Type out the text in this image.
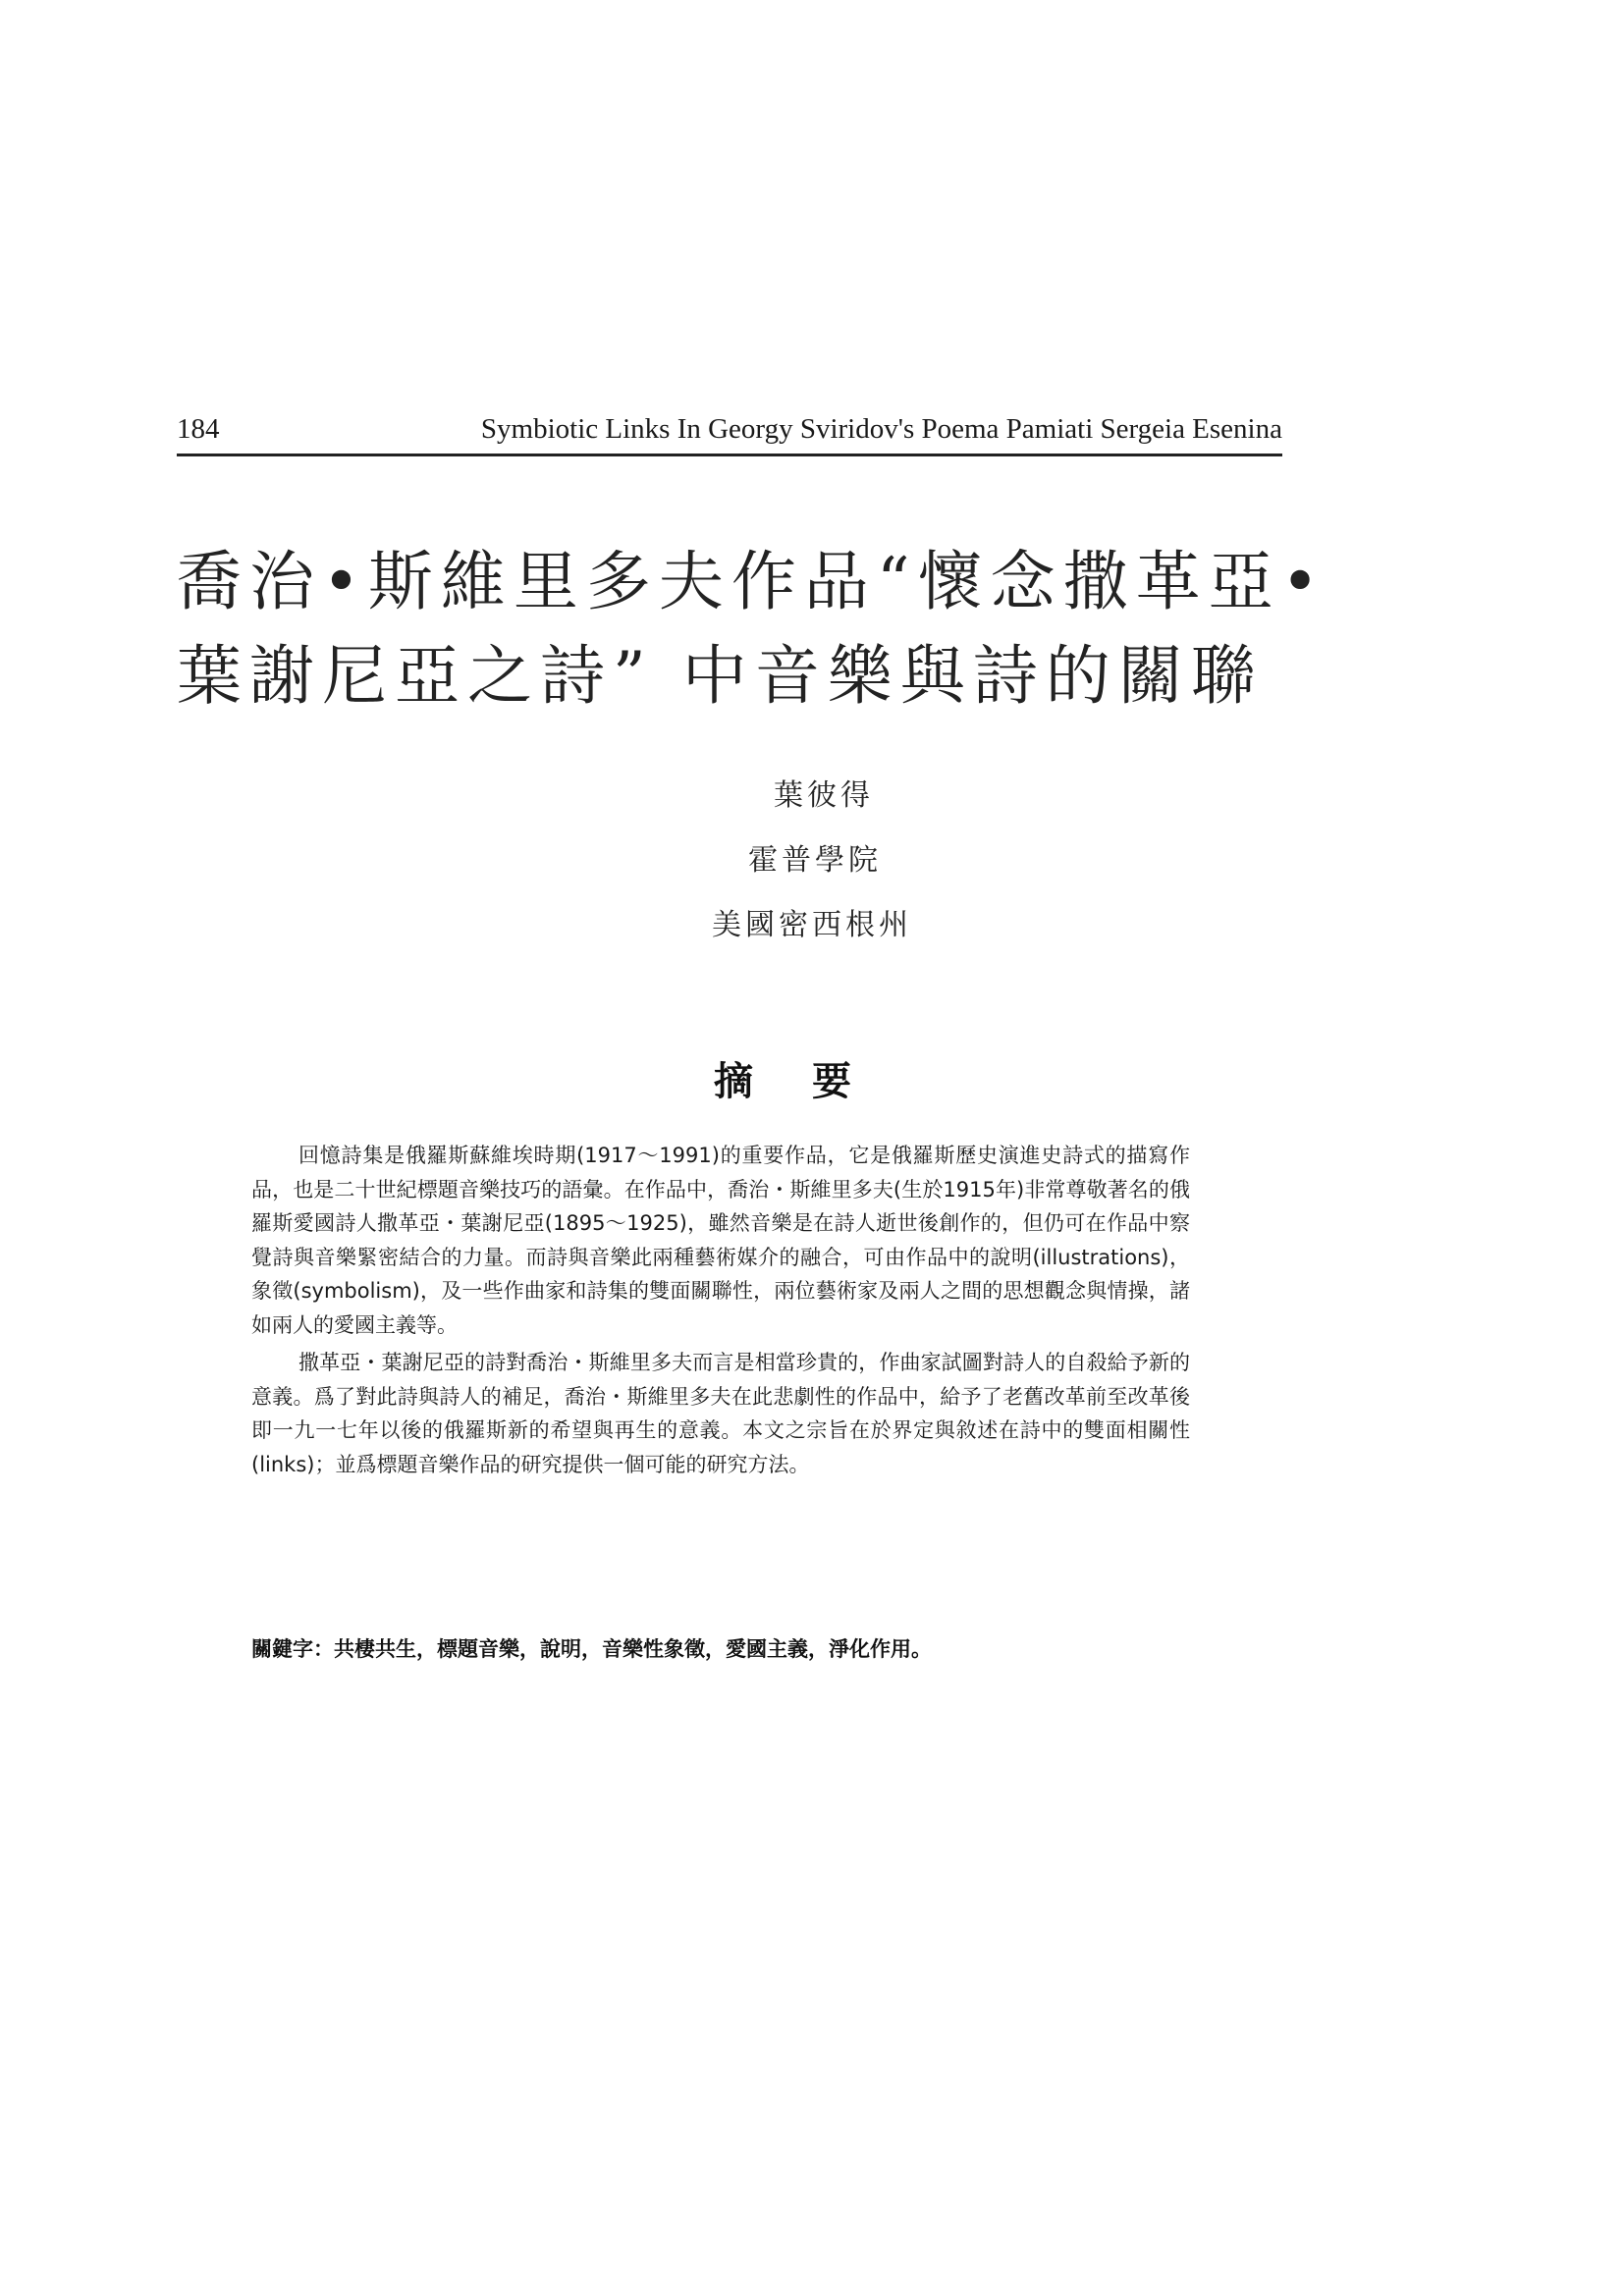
184	Symbiotic Links In Georgy Sviridov's Poema Pamiati Sergeia Esenina
喬治•斯維里多夫作品“懷念撒革亞•
葉謝尼亞之詩” 中音樂與詩的關聯
葉彼得
霍普學院
美國密西根州
摘要

回憶詩集是俄羅斯蘇維埃時期(1917～1991)的重要作品，它是俄羅斯歷史演進史詩式的描寫作品，也是二十世紀標題音樂技巧的語彙。在作品中，喬治・斯維里多夫(生於1915年)非常尊敬著名的俄羅斯愛國詩人撒革亞・葉謝尼亞(1895～1925)，雖然音樂是在詩人逝世後創作的，但仍可在作品中察覺詩與音樂緊密結合的力量。而詩與音樂此兩種藝術媒介的融合，可由作品中的說明(illustrations)，象徵(symbolism)，及一些作曲家和詩集的雙面關聯性，兩位藝術家及兩人之間的思想觀念與情操，諸如兩人的愛國主義等。

撒革亞・葉謝尼亞的詩對喬治・斯維里多夫而言是相當珍貴的，作曲家試圖對詩人的自殺給予新的意義。爲了對此詩與詩人的補足，喬治・斯維里多夫在此悲劇性的作品中，給予了老舊改革前至改革後即一九一七年以後的俄羅斯新的希望與再生的意義。本文之宗旨在於界定與敘述在詩中的雙面相關性(links)；並爲標題音樂作品的研究提供一個可能的研究方法。

關鍵字：共棲共生，標題音樂，說明，音樂性象徵，愛國主義，淨化作用。
